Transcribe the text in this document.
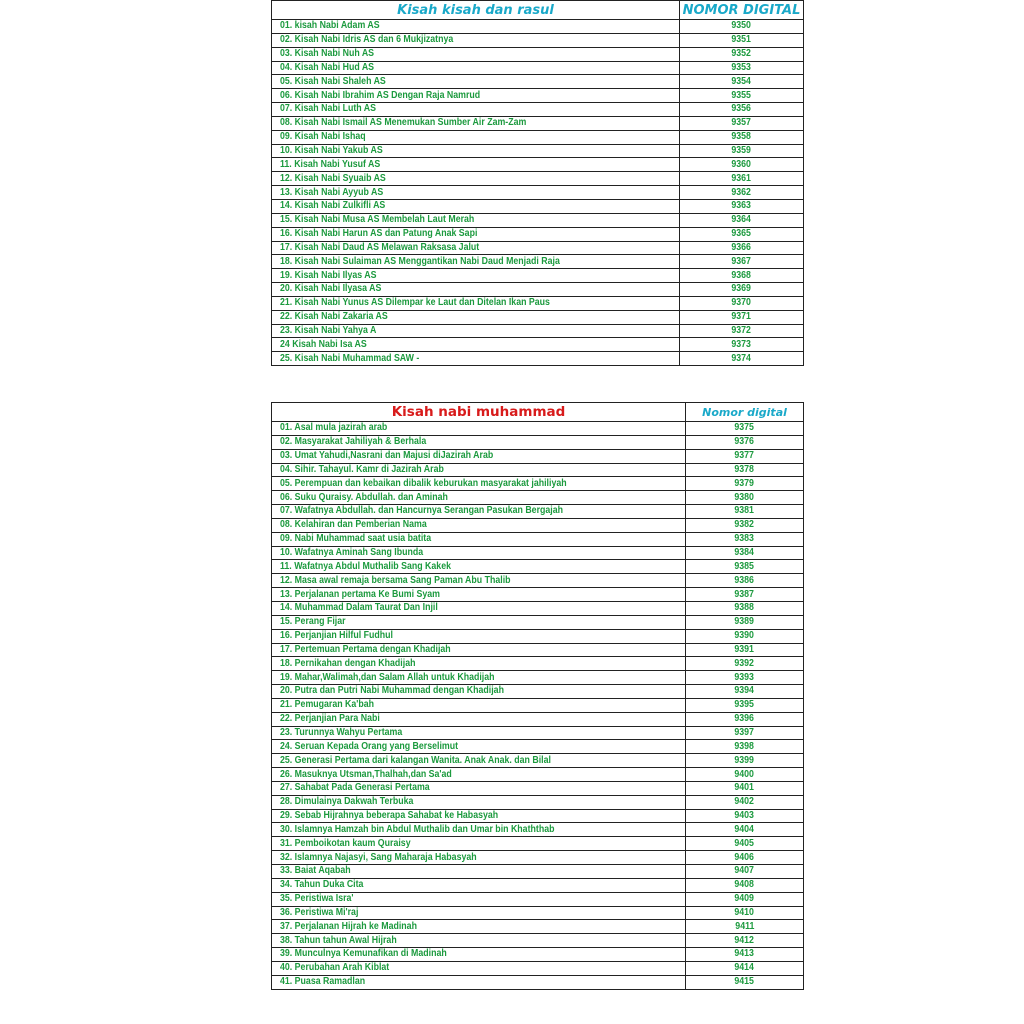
Kisah kisah dan rasul	NOMOR DIGITAL
01. kisah Nabi Adam AS	9350
02. Kisah Nabi Idris AS dan 6 Mukjizatnya	9351
03. Kisah Nabi Nuh AS	9352
04. Kisah Nabi Hud AS	9353
05. Kisah Nabi Shaleh AS	9354
06. Kisah Nabi Ibrahim AS Dengan Raja Namrud	9355
07. Kisah Nabi Luth AS	9356
08. Kisah Nabi Ismail AS Menemukan Sumber Air Zam-Zam	9357
09. Kisah Nabi Ishaq	9358
10. Kisah Nabi Yakub AS	9359
11. Kisah Nabi Yusuf AS	9360
12. Kisah Nabi Syuaib AS	9361
13. Kisah Nabi Ayyub AS	9362
14. Kisah Nabi Zulkifli AS	9363
15. Kisah Nabi Musa AS Membelah Laut Merah	9364
16. Kisah Nabi Harun AS dan Patung Anak Sapi	9365
17. Kisah Nabi Daud AS Melawan Raksasa Jalut	9366
18. Kisah Nabi Sulaiman AS Menggantikan Nabi Daud Menjadi Raja	9367
19. Kisah Nabi Ilyas AS	9368
20. Kisah Nabi Ilyasa AS	9369
21. Kisah Nabi Yunus AS Dilempar ke Laut dan Ditelan Ikan Paus	9370
22. Kisah Nabi Zakaria AS	9371
23. Kisah Nabi Yahya A	9372
24 Kisah Nabi Isa AS	9373
25. Kisah Nabi Muhammad SAW -	9374
Kisah nabi muhammad	Nomor digital
01. Asal mula jazirah arab	9375
02. Masyarakat Jahiliyah & Berhala	9376
03. Umat Yahudi,Nasrani dan Majusi diJazirah Arab	9377
04. Sihir. Tahayul. Kamr di Jazirah Arab	9378
05. Perempuan dan kebaikan dibalik keburukan masyarakat jahiliyah	9379
06. Suku Quraisy. Abdullah. dan Aminah	9380
07. Wafatnya Abdullah. dan Hancurnya Serangan Pasukan Bergajah	9381
08. Kelahiran dan Pemberian Nama	9382
09. Nabi Muhammad saat usia batita	9383
10. Wafatnya Aminah Sang Ibunda	9384
11. Wafatnya Abdul Muthalib Sang Kakek	9385
12. Masa awal remaja bersama Sang Paman Abu Thalib	9386
13. Perjalanan pertama Ke Bumi Syam	9387
14. Muhammad Dalam Taurat Dan Injil	9388
15. Perang Fijar	9389
16. Perjanjian Hilful Fudhul	9390
17. Pertemuan Pertama dengan Khadijah	9391
18. Pernikahan dengan Khadijah	9392
19. Mahar,Walimah,dan Salam Allah untuk Khadijah	9393
20. Putra dan Putri Nabi Muhammad dengan Khadijah	9394
21. Pemugaran Ka'bah	9395
22. Perjanjian Para Nabi	9396
23. Turunnya Wahyu Pertama	9397
24. Seruan Kepada Orang yang Berselimut	9398
25. Generasi Pertama dari kalangan Wanita. Anak Anak. dan Bilal	9399
26. Masuknya Utsman,Thalhah,dan Sa'ad	9400
27. Sahabat Pada Generasi Pertama	9401
28. Dimulainya Dakwah Terbuka	9402
29. Sebab Hijrahnya beberapa Sahabat ke Habasyah	9403
30. Islamnya Hamzah bin Abdul Muthalib dan Umar bin Khaththab	9404
31. Pemboikotan kaum Quraisy	9405
32. Islamnya Najasyi, Sang Maharaja Habasyah	9406
33. Baiat Aqabah	9407
34. Tahun Duka Cita	9408
35. Peristiwa Isra'	9409
36. Peristiwa Mi'raj	9410
37. Perjalanan Hijrah ke Madinah	9411
38. Tahun tahun Awal Hijrah	9412
39. Munculnya Kemunafikan di Madinah	9413
40. Perubahan Arah Kiblat	9414
41. Puasa Ramadlan	9415
